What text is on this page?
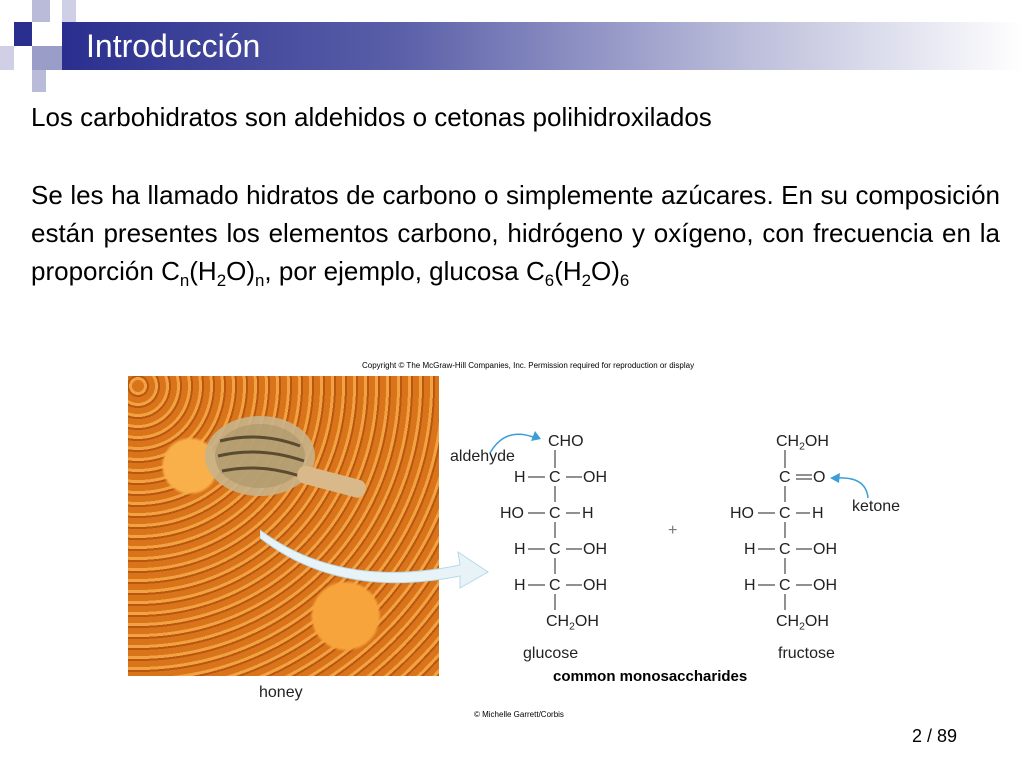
Introducción
Los carbohidratos son aldehidos o cetonas polihidroxilados
Se les ha llamado hidratos de carbono o simplemente azúcares. En su composición están presentes los elementos carbono, hidrógeno y oxígeno, con frecuencia en la proporción $C_n(H_2O)_n$, por ejemplo, glucosa $C_6(H_2O)_6$
Copyright © The McGraw-Hill Companies, Inc. Permission required for reproduction or display
honey
aldehyde
CHO
H C OH
HO C H
H C OH
H C OH
$CH_2OH$
+
$CH_2OH$
C O
HO C H
H C OH
H C OH
$CH_2OH$
ketone
glucose	fructose
common monosaccharides
© Michelle Garrett/Corbis
2 / 89
